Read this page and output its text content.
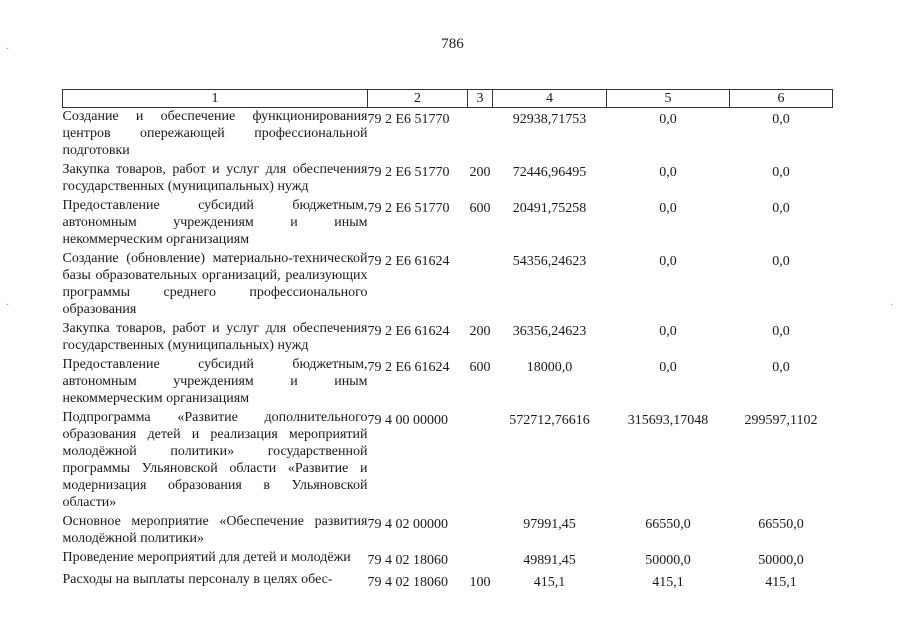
786
1	2	3	4	5	6
Создание и обеспечение функционирования центров опережающей профессиональной подготовки	79 2 E6 51770		92938,71753	0,0	0,0
Закупка товаров, работ и услуг для обеспечения государственных (муниципальных) нужд	79 2 E6 51770	200	72446,96495	0,0	0,0
Предоставление субсидий бюджетным, автономным учреждениям и иным некоммерческим организациям	79 2 E6 51770	600	20491,75258	0,0	0,0
Создание (обновление) материально-технической базы образовательных организаций, реализующих программы среднего профессионального образования	79 2 E6 61624		54356,24623	0,0	0,0
Закупка товаров, работ и услуг для обеспечения государственных (муниципальных) нужд	79 2 E6 61624	200	36356,24623	0,0	0,0
Предоставление субсидий бюджетным, автономным учреждениям и иным некоммерческим организациям	79 2 E6 61624	600	18000,0	0,0	0,0
Подпрограмма «Развитие дополнительного образования детей и реализация мероприятий молодёжной политики» государственной программы Ульяновской области «Развитие и модернизация образования в Ульяновской области»	79 4 00 00000		572712,76616	315693,17048	299597,1102
Основное мероприятие «Обеспечение развития молодёжной политики»	79 4 02 00000		97991,45	66550,0	66550,0
Проведение мероприятий для детей и молодёжи	79 4 02 18060		49891,45	50000,0	50000,0
Расходы на выплаты персоналу в целях обес-	79 4 02 18060	100	415,1	415,1	415,1
·
·	·
